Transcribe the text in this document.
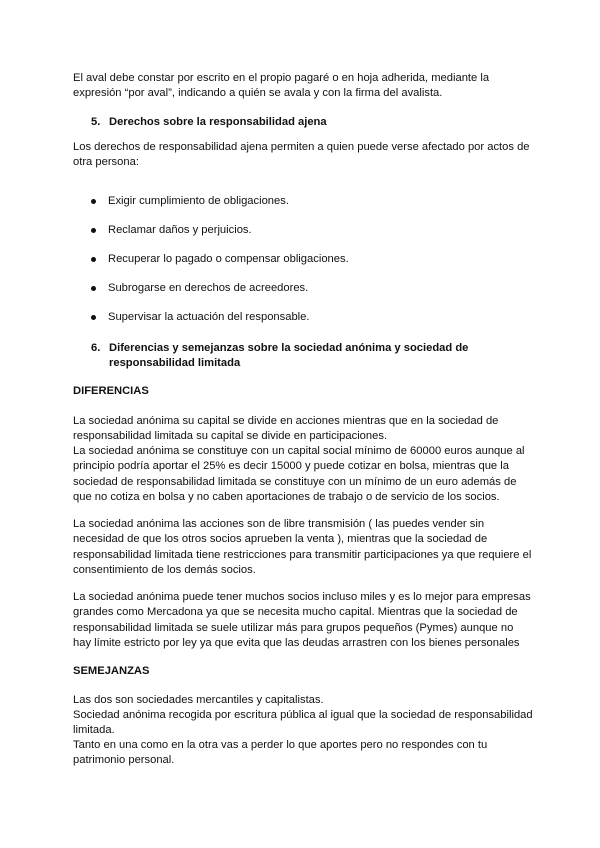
El aval debe constar por escrito en el propio pagaré o en hoja adherida, mediante la expresión “por aval”, indicando a quién se avala y con la firma del avalista.

5. Derechos sobre la responsabilidad ajena

Los derechos de responsabilidad ajena permiten a quien puede verse afectado por actos de otra persona:

Exigir cumplimiento de obligaciones.

Reclamar daños y perjuicios.

Recuperar lo pagado o compensar obligaciones.

Subrogarse en derechos de acreedores.

Supervisar la actuación del responsable.

6. Diferencias y semejanzas sobre la sociedad anónima y sociedad de responsabilidad limitada

DIFERENCIAS

La sociedad anónima su capital se divide en acciones mientras que en la sociedad de responsabilidad limitada su capital se divide en participaciones.

La sociedad anónima se constituye con un capital social mínimo de 60000 euros aunque al principio podría aportar el 25% es decir 15000 y puede cotizar en bolsa, mientras que la sociedad de responsabilidad limitada se constituye con un mínimo de un euro además de que no cotiza en bolsa y no caben aportaciones de trabajo o de servicio de los socios.

La sociedad anónima las acciones son de libre transmisión ( las puedes vender sin necesidad de que los otros socios aprueben la venta ), mientras que la sociedad de responsabilidad limitada tiene restricciones para transmitir participaciones ya que requiere el consentimiento de los demás socios.

La sociedad anónima puede tener muchos socios incluso miles y es lo mejor para empresas grandes como Mercadona ya que se necesita mucho capital. Mientras que la sociedad de responsabilidad limitada se suele utilizar más para grupos pequeños (Pymes) aunque no hay límite estricto por ley ya que evita que las deudas arrastren con los bienes personales

SEMEJANZAS

Las dos son sociedades mercantiles y capitalistas.

Sociedad anónima recogida por escritura pública al igual que la sociedad de responsabilidad limitada.

Tanto en una como en la otra vas a perder lo que aportes pero no respondes con tu patrimonio personal.
